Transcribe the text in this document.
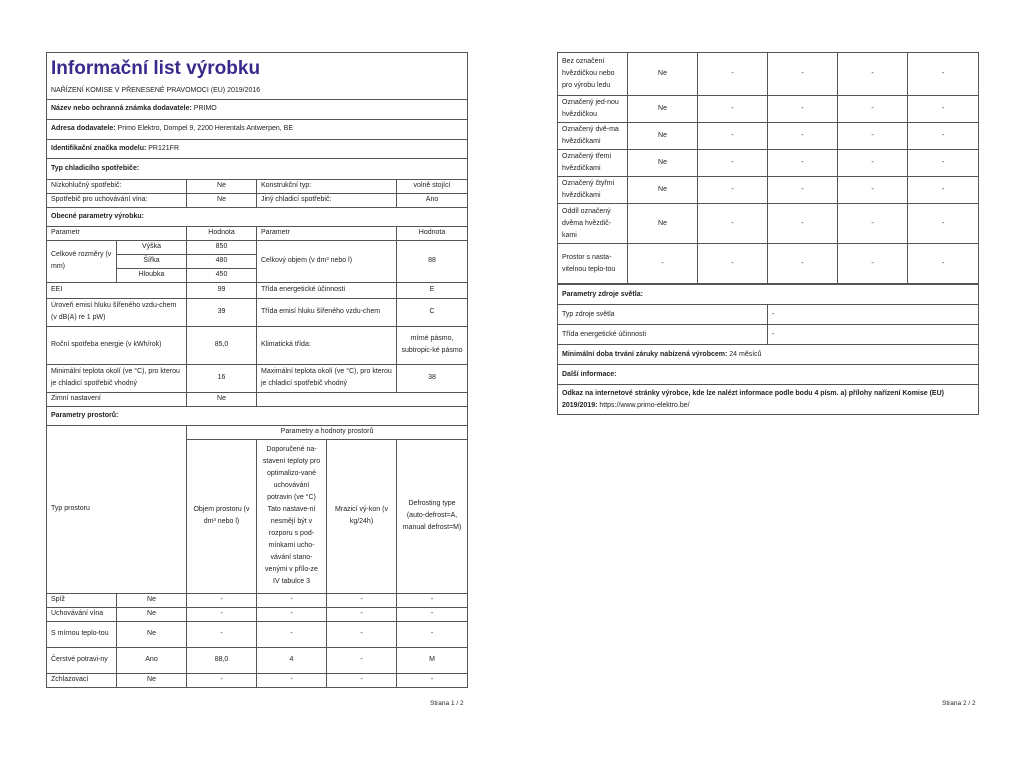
Informační list výrobku					

NAŘÍZENÍ KOMISE V PŘENESENÉ PRAVOMOCI (EU) 2019/2016					
Název nebo ochranná známka dodavatele: PRIMO					
Adresa dodavatele: Primo Elektro, Dompel 9, 2200 Herentals Antwerpen, BE					
Identifikační značka modelu: PR121FR					
Typ chladicího spotřebiče:					
Nízkohlučný spotřebič:		Ne	Konstrukční typ:		volně stojící
Spotřebič pro uchovávání vína:		Ne	Jiný chladicí spotřebič:		Ano
Obecné parametry výrobku:					
Parametr		Hodnota	Parametr		Hodnota
Celkové rozměry (v mm)	Výška	850	Celkový objem (v dm³ nebo l)		88
	Šířka	480			
	Hloubka	450			
EEI		99	Třída energetické účinnosti		E
Úroveň emisí hluku šířeného vzdu-chem (v dB(A) re 1 pW)		39	Třída emisí hluku šířeného vzdu-chem		C
Roční spotřeba energie (v kWh/rok)		85,0	Klimatická třída:		mírné pásmo, subtropic-ké pásmo
Minimální teplota okolí (ve °C), pro kterou je chladicí spotřebič vhodný		16	Maximální teplota okolí (ve °C), pro kterou je chladicí spotřebič vhodný		38
Zimní nastavení		Ne			
Parametry prostorů:					
Typ prostoru		Parametry a hodnoty prostorů			
		Objem prostoru (v dm³ nebo l)	Doporučené na-stavení teploty pro optimalizo-vané uchovávání potravin (ve °C) Tato nastave-ní nesmějí být v rozporu s pod-mínkami ucho-vávání stano-venými v přílo-ze IV tabulce 3	Mrazicí vý-kon (v kg/24h)	Defrosting type (auto-defrost=A, manual defrost=M)
Spíž	Ne	-	-	-	-
Uchovávání vína	Ne	-	-	-	-
S mírnou teplo-tou	Ne	-	-	-	-
Čerstvé potravi-ny	Ano	88,0	4	-	M
Zchlazovací	Ne	-	-	-	-
Strana 1 / 2
Bez označení hvězdičkou nebo pro výrobu ledu	Ne	-	-	-	-
Označený jed-nou hvězdičkou	Ne	-	-	-	-
Označený dvě-ma hvězdičkami	Ne	-	-	-	-
Označený třemi hvězdičkami	Ne	-	-	-	-
Označený čtyřmi hvězdičkami	Ne	-	-	-	-
Oddíl označený dvěma hvězdič-kami	Ne	-	-	-	-
Prostor s nasta-vitelnou teplo-tou	-	-	-	-	-
Parametry zdroje světla:	
Typ zdroje světla	-
Třída energetické účinnosti	-
Minimální doba trvání záruky nabízená výrobcem: 24 měsíců	
Další informace:	
Odkaz na internetové stránky výrobce, kde lze nalézt informace podle bodu 4 písm. a) přílohy nařízení Komise (EU) 2019/2019: https://www.primo-elektro.be/	
Strana 2 / 2
